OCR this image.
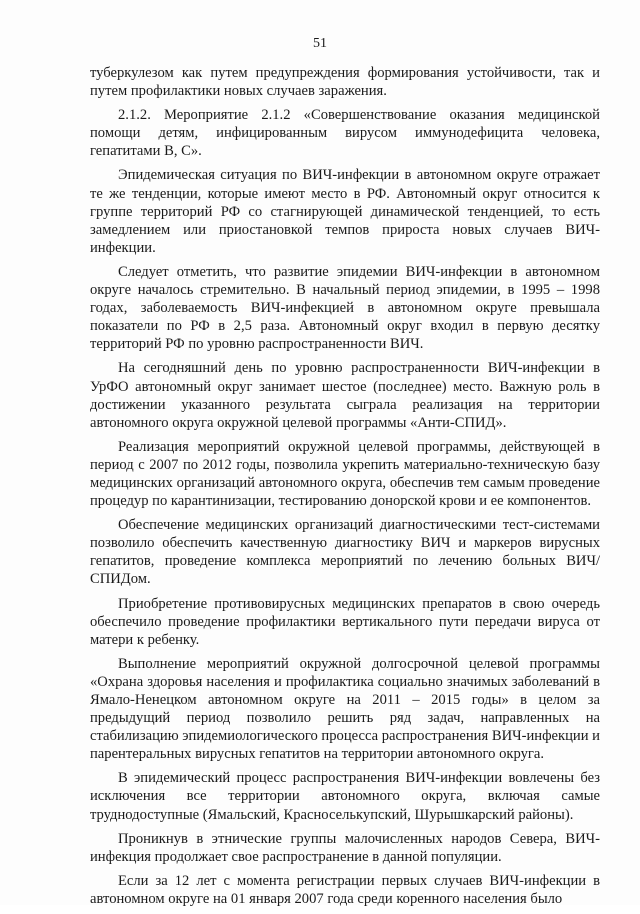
51

туберкулезом как путем предупреждения формирования устойчивости, так и путем профилактики новых случаев заражения.

2.1.2. Мероприятие 2.1.2 «Совершенствование оказания медицинской помощи детям, инфицированным вирусом иммунодефицита человека, гепатитами B, C».

Эпидемическая ситуация по ВИЧ-инфекции в автономном округе отражает те же тенденции, которые имеют место в РФ. Автономный округ относится к группе территорий РФ со стагнирующей динамической тенденцией, то есть замедлением или приостановкой темпов прироста новых случаев ВИЧ-инфекции.

Следует отметить, что развитие эпидемии ВИЧ-инфекции в автономном округе началось стремительно. В начальный период эпидемии, в 1995 – 1998 годах, заболеваемость ВИЧ-инфекцией в автономном округе превышала показатели по РФ в 2,5 раза. Автономный округ входил в первую десятку территорий РФ по уровню распространенности ВИЧ.

На сегодняшний день по уровню распространенности ВИЧ-инфекции в УрФО автономный округ занимает шестое (последнее) место. Важную роль в достижении указанного результата сыграла реализация на территории автономного округа окружной целевой программы «Анти-СПИД».

Реализация мероприятий окружной целевой программы, действующей в период с 2007 по 2012 годы, позволила укрепить материально-техническую базу медицинских организаций автономного округа, обеспечив тем самым проведение процедур по карантинизации, тестированию донорской крови и ее компонентов.

Обеспечение медицинских организаций диагностическими тест-системами позволило обеспечить качественную диагностику ВИЧ и маркеров вирусных гепатитов, проведение комплекса мероприятий по лечению больных ВИЧ/СПИДом.

Приобретение противовирусных медицинских препаратов в свою очередь обеспечило проведение профилактики вертикального пути передачи вируса от матери к ребенку.

Выполнение мероприятий окружной долгосрочной целевой программы «Охрана здоровья населения и профилактика социально значимых заболеваний в Ямало-Ненецком автономном округе на 2011 – 2015 годы» в целом за предыдущий период позволило решить ряд задач, направленных на стабилизацию эпидемиологического процесса распространения ВИЧ-инфекции и парентеральных вирусных гепатитов на территории автономного округа.

В эпидемический процесс распространения ВИЧ-инфекции вовлечены без исключения все территории автономного округа, включая самые труднодоступные (Ямальский, Красноселькупский, Шурышкарский районы).

Проникнув в этнические группы малочисленных народов Севера, ВИЧ-инфекция продолжает свое распространение в данной популяции.

Если за 12 лет с момента регистрации первых случаев ВИЧ-инфекции в автономном округе на 01 января 2007 года среди коренного населения было
